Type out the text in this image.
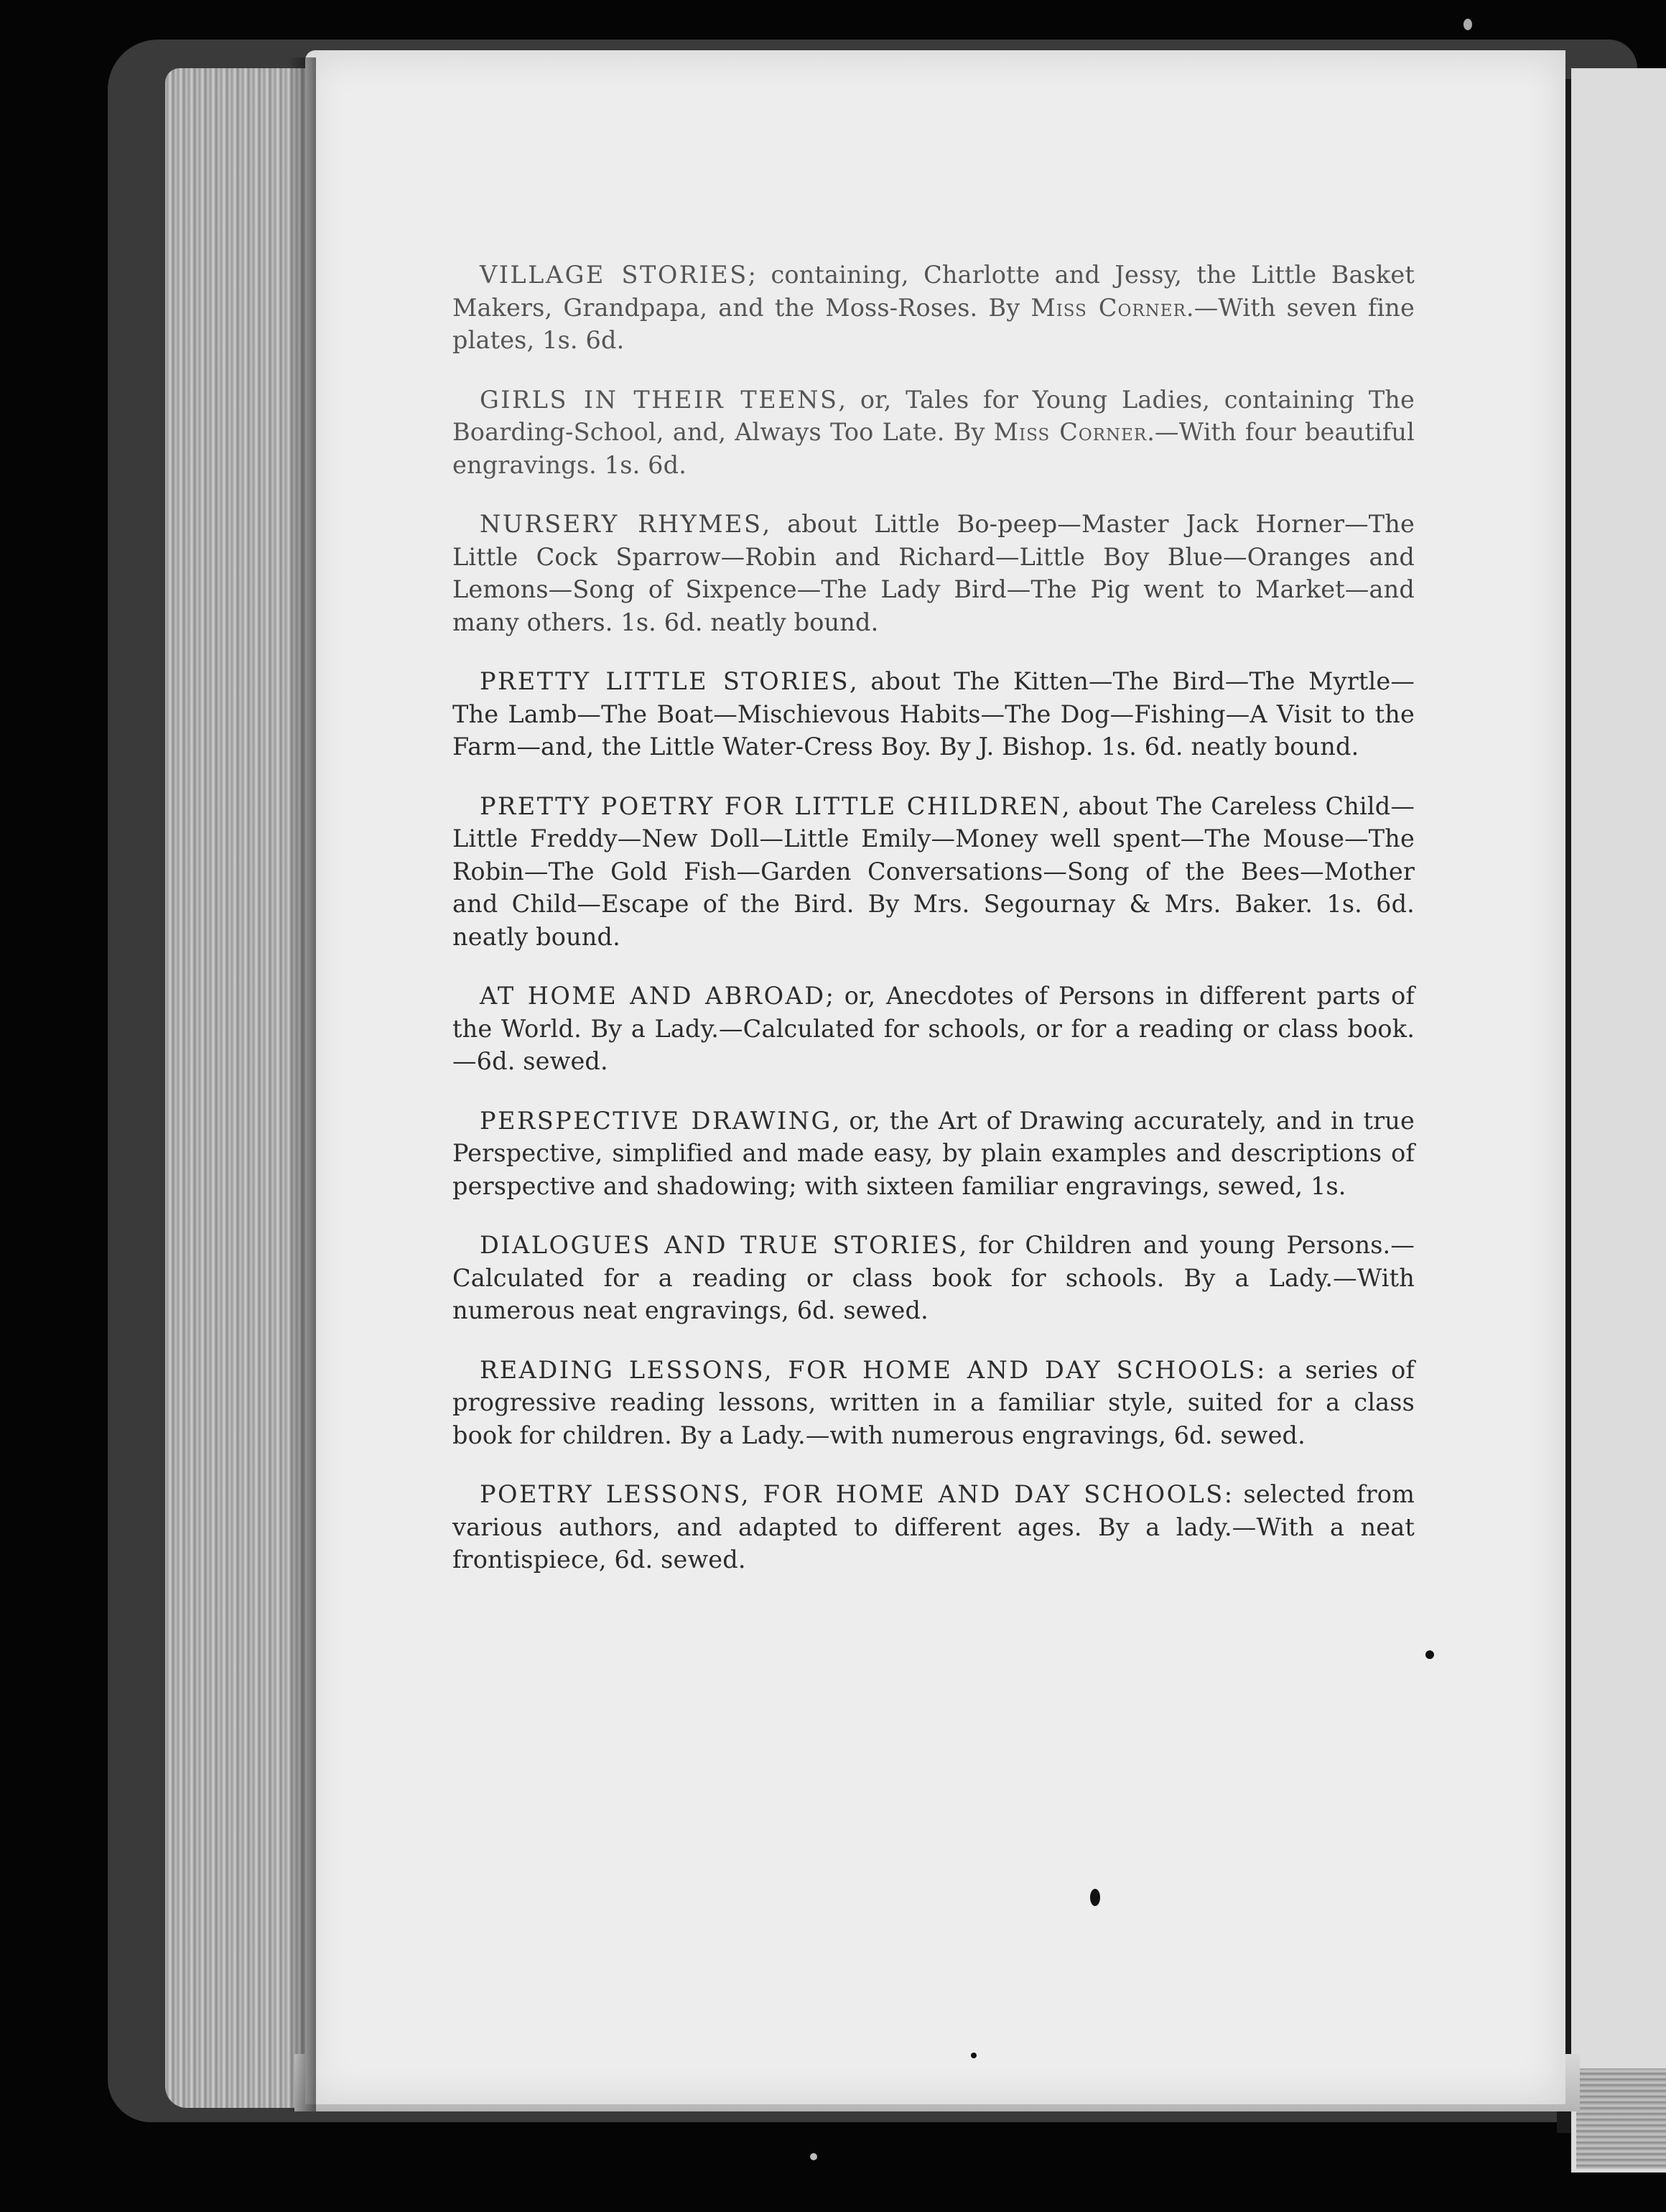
VILLAGE STORIES; containing, Charlotte and Jessy, the Little Basket Makers, Grandpapa, and the Moss-Roses. By Miss Corner.—With seven fine plates, 1s. 6d.

GIRLS IN THEIR TEENS, or, Tales for Young Ladies, containing The Boarding-School, and, Always Too Late. By Miss Corner.—With four beautiful engravings. 1s. 6d.

NURSERY RHYMES, about Little Bo-peep—Master Jack Horner—The Little Cock Sparrow—Robin and Richard—Little Boy Blue—Oranges and Lemons—Song of Sixpence—The Lady Bird—The Pig went to Market—and many others. 1s. 6d. neatly bound.

PRETTY LITTLE STORIES, about The Kitten—The Bird—The Myrtle—The Lamb—The Boat—Mischievous Habits—The Dog—Fishing—A Visit to the Farm—and, the Little Water-Cress Boy. By J. Bishop. 1s. 6d. neatly bound.

PRETTY POETRY FOR LITTLE CHILDREN, about The Careless Child—Little Freddy—New Doll—Little Emily—Money well spent—The Mouse—The Robin—The Gold Fish—Garden Conversations—Song of the Bees—Mother and Child—Escape of the Bird. By Mrs. Segournay & Mrs. Baker. 1s. 6d. neatly bound.

AT HOME AND ABROAD; or, Anecdotes of Persons in different parts of the World. By a Lady.—Calculated for schools, or for a reading or class book.—6d. sewed.

PERSPECTIVE DRAWING, or, the Art of Drawing accurately, and in true Perspective, simplified and made easy, by plain examples and descriptions of perspective and shadowing; with sixteen familiar engravings, sewed, 1s.

DIALOGUES AND TRUE STORIES, for Children and young Persons.—Calculated for a reading or class book for schools. By a Lady.—With numerous neat engravings, 6d. sewed.

READING LESSONS, FOR HOME AND DAY SCHOOLS: a series of progressive reading lessons, written in a familiar style, suited for a class book for children. By a Lady.—with numerous engravings, 6d. sewed.

POETRY LESSONS, FOR HOME AND DAY SCHOOLS: selected from various authors, and adapted to different ages. By a lady.—With a neat frontispiece, 6d. sewed.
